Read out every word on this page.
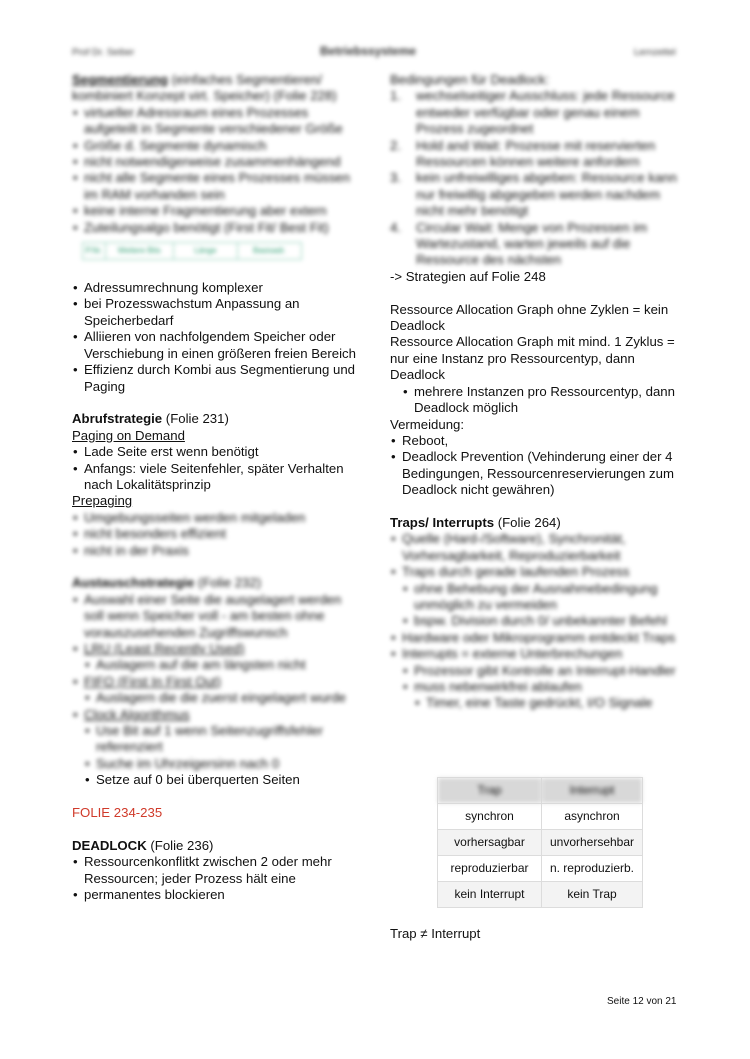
Prof Dr. Seiber	Betriebssysteme	Lernzettel
Segmentierung (einfaches Segmentieren/ kombiniert Konzept virt. Speicher) (Folie 228)
• virtueller Adressraum eines Prozesses aufgeteilt in Segmente verschiedener Größe
• Größe d. Segmente dynamisch
• nicht notwendigerweise zusammenhängend
• nicht alle Segmente eines Prozesses müssen im RAM vorhanden sein
• keine interne Fragmentierung aber extern
• Zuteilungsalgo benötigt (First Fit/ Best Fit)
P.Nr.	Weitere Bits	Länge	Basisadr.
• Adressumrechnung komplexer
• bei Prozesswachstum Anpassung an Speicherbedarf
• Alliieren von nachfolgendem Speicher oder Verschiebung in einen größeren freien Bereich
• Effizienz durch Kombi aus Segmentierung und Paging
Abrufstrategie (Folie 231)
Paging on Demand
• Lade Seite erst wenn benötigt
• Anfangs: viele Seitenfehler, später Verhalten nach Lokalitätsprinzip
Prepaging
• Umgebungsseiten werden mitgeladen
• nicht besonders effizient
• nicht in der Praxis
Austauschstrategie (Folie 232)
• Auswahl einer Seite die ausgelagert werden soll wenn Speicher voll - am besten ohne vorauszusehenden Zugriffswunsch
• LRU (Least Recently Used)
• Auslagern auf die am längsten nicht
• FIFO (First In First Out)
• Auslagern die die zuerst eingelagert wurde
• Clock Algorithmus
• Use Bit auf 1 wenn Seitenzugriffsfehler referenziert
• Suche im Uhrzeigersinn nach 0
• Setze auf 0 bei überquerten Seiten
FOLIE 234-235
DEADLOCK (Folie 236)
• Ressourcenkonflitkt zwischen 2 oder mehr Ressourcen; jeder Prozess hält eine
• permanentes blockieren
Bedingungen für Deadlock:
1. wechselseitiger Ausschluss: jede Ressource entweder verfügbar oder genau einem Prozess zugeordnet
2. Hold and Wait: Prozesse mit reservierten Ressourcen können weitere anfordern
3. kein unfreiwilliges abgeben: Ressource kann nur freiwillig abgegeben werden nachdem nicht mehr benötigt
4. Circular Wait: Menge von Prozessen im Wartezustand, warten jeweils auf die Ressource des nächsten
-> Strategien auf Folie 248
Ressource Allocation Graph ohne Zyklen = kein Deadlock
Ressource Allocation Graph mit mind. 1 Zyklus = nur eine Instanz pro Ressourcentyp, dann Deadlock
• mehrere Instanzen pro Ressourcentyp, dann Deadlock möglich
Vermeidung:
• Reboot,
• Deadlock Prevention (Vehinderung einer der 4 Bedingungen, Ressourcenreservierungen zum Deadlock nicht gewähren)
Traps/ Interrupts (Folie 264)
• Quelle (Hard-/Software), Synchronität, Vorhersagbarkeit, Reproduzierbarkeit
• Traps durch gerade laufenden Prozess
• ohne Behebung der Ausnahmebedingung unmöglich zu vermeiden
• bspw. Division durch 0/ unbekannter Befehl
• Hardware oder Mikroprogramm entdeckt Traps
• Interrupts = externe Unterbrechungen
• Prozessor gibt Kontrolle an Interrupt-Handler
• muss nebenwirkfrei ablaufen
• Timer, eine Taste gedrückt, I/O Signale
Trap	Interrupt
synchron	asynchron
vorhersagbar	unvorhersehbar
reproduzierbar	n. reproduzierb.
kein Interrupt	kein Trap
Trap ≠ Interrupt
Seite 12 von 21
